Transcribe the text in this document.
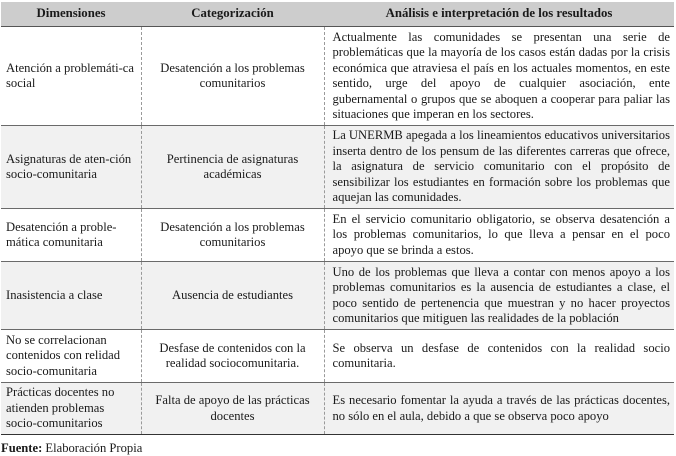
Dimensiones	Categorización	Análisis e interpretación de los resultados
Atención a problemáti-ca social	Desatención a los problemas comunitarios	Actualmente las comunidades se presentan una serie de problemáticas que la mayoría de los casos están dadas por la crisis económica que atraviesa el país en los actuales momentos, en este sentido, urge del apoyo de cualquier asociación, ente gubernamental o grupos que se aboquen a cooperar para paliar las situaciones que imperan en los sectores.
Asignaturas de aten-ción socio-comunitaria	Pertinencia de asignaturas académicas	La UNERMB apegada a los lineamientos educativos universitarios inserta dentro de los pensum de las diferentes carreras que ofrece, la asignatura de servicio comunitario con el propósito de sensibilizar los estudiantes en formación sobre los problemas que aquejan las comunidades.
Desatención a proble-mática comunitaria	Desatención a los problemas comunitarios	En el servicio comunitario obligatorio, se observa desatención a los problemas comunitarios, lo que lleva a pensar en el poco apoyo que se brinda a estos.
Inasistencia a clase	Ausencia de estudiantes	Uno de los problemas que lleva a contar con menos apoyo a los problemas comunitarios es la ausencia de estudiantes a clase, el poco sentido de pertenencia que muestran y no hacer proyectos comunitarios que mitiguen las realidades de la población
No se correlacionan contenidos con relidad socio-comunitaria	Desfase de contenidos con la realidad sociocomunitaria.	Se observa un desfase de contenidos con la realidad socio comunitaria.
Prácticas docentes no atienden problemas socio-comunitarios	Falta de apoyo de las prácticas docentes	Es necesario fomentar la ayuda a través de las prácticas docentes, no sólo en el aula, debido a que se observa poco apoyo
Fuente: Elaboración Propia
